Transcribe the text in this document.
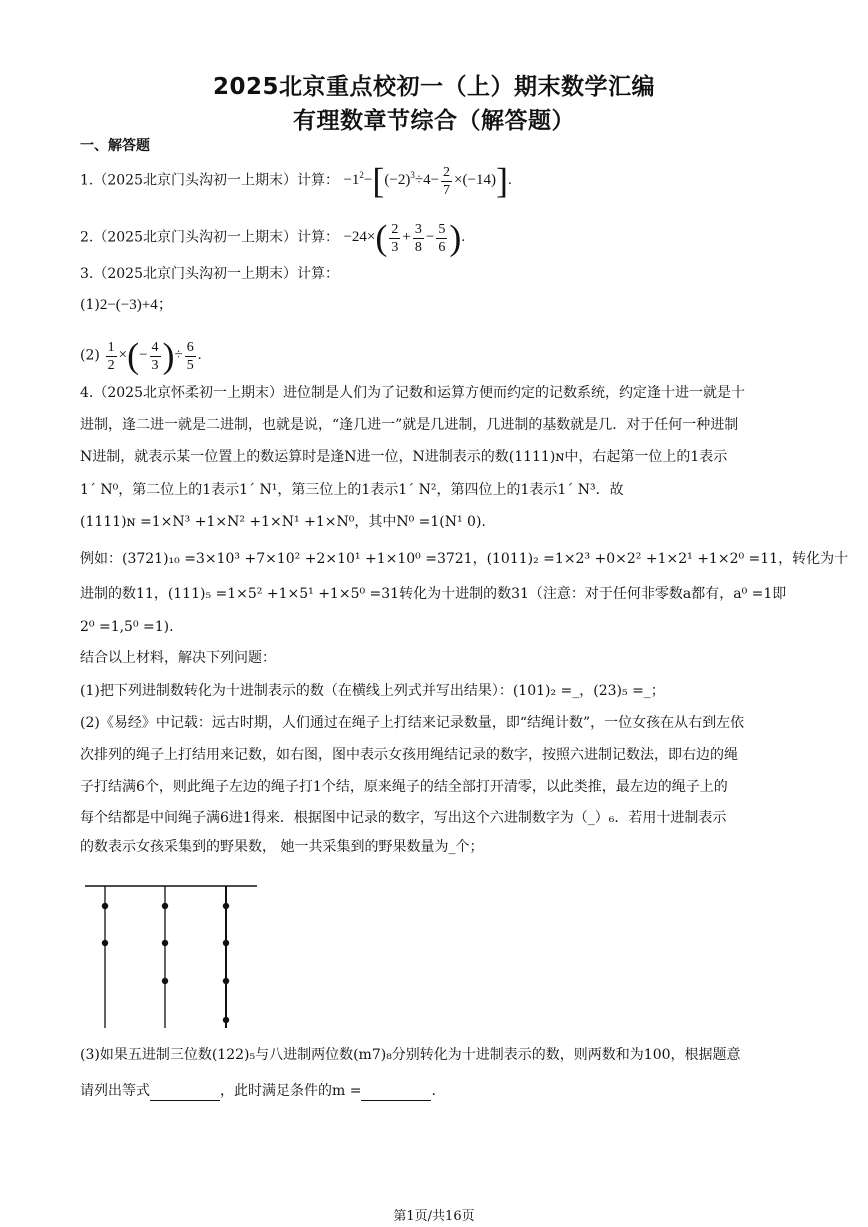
2025北京重点校初一（上）期末数学汇编
有理数章节综合（解答题）
一、解答题
1.（2025北京门头沟初一上期末）计算： $-1^2-[(-2)^3\div 4- \frac{2}{7} \times(-14)]$.
2.（2025北京门头沟初一上期末）计算： $-24\times( \frac{2}{3} + \frac{3}{8} - \frac{5}{6}$ ).
3.（2025北京门头沟初一上期末）计算：
(1)2−(−3)+4；
$(2) \frac{1}{2}$ ×(− $\frac{4}{3}$ )÷ $\frac{6}{5}$ .
4.（2025北京怀柔初一上期末）进位制是人们为了记数和运算方便而约定的记数系统，约定逢十进一就是十
进制，逢二进一就是二进制，也就是说，“逢几进一”就是几进制，几进制的基数就是几．对于任何一种进制
N进制，就表示某一位置上的数运算时是逢N进一位，N进制表示的数(1111)ɴ中，右起第一位上的1表示
1´ N⁰，第二位上的1表示1´ N¹，第三位上的1表示1´ N²，第四位上的1表示1´ N³．故
(1111)ɴ =1×N³ +1×N² +1×N¹ +1×N⁰，其中N⁰ =1(N¹ 0).
例如：(3721)₁₀ =3×10³ +7×10² +2×10¹ +1×10⁰ =3721，(1011)₂ =1×2³ +0×2² +1×2¹ +1×2⁰ =11，转化为十
进制的数11，(111)₅ =1×5² +1×5¹ +1×5⁰ =31转化为十进制的数31（注意：对于任何非零数a都有，a⁰ =1即
2⁰ =1,5⁰ =1).
结合以上材料，解决下列问题：
(1)把下列进制数转化为十进制表示的数（在横线上列式并写出结果）：(101)₂ =_，(23)₅ =_；
(2)《易经》中记载：远古时期，人们通过在绳子上打结来记录数量，即“结绳计数”，一位女孩在从右到左依
次排列的绳子上打结用来记数，如右图，图中表示女孩用绳结记录的数字，按照六进制记数法，即右边的绳
子打结满6个，则此绳子左边的绳子打1个结，原来绳子的结全部打开清零，以此类推，最左边的绳子上的
每个结都是中间绳子满6进1得来．根据图中记录的数字，写出这个六进制数字为（_）₆．若用十进制表示
的数表示女孩采集到的野果数， 她一共采集到的野果数量为_个；
(3)如果五进制三位数(122)₅与八进制两位数(m7)₈分别转化为十进制表示的数，则两数和为100，根据题意
请列出等式	，此时满足条件的m =	.
第1页/共16页
